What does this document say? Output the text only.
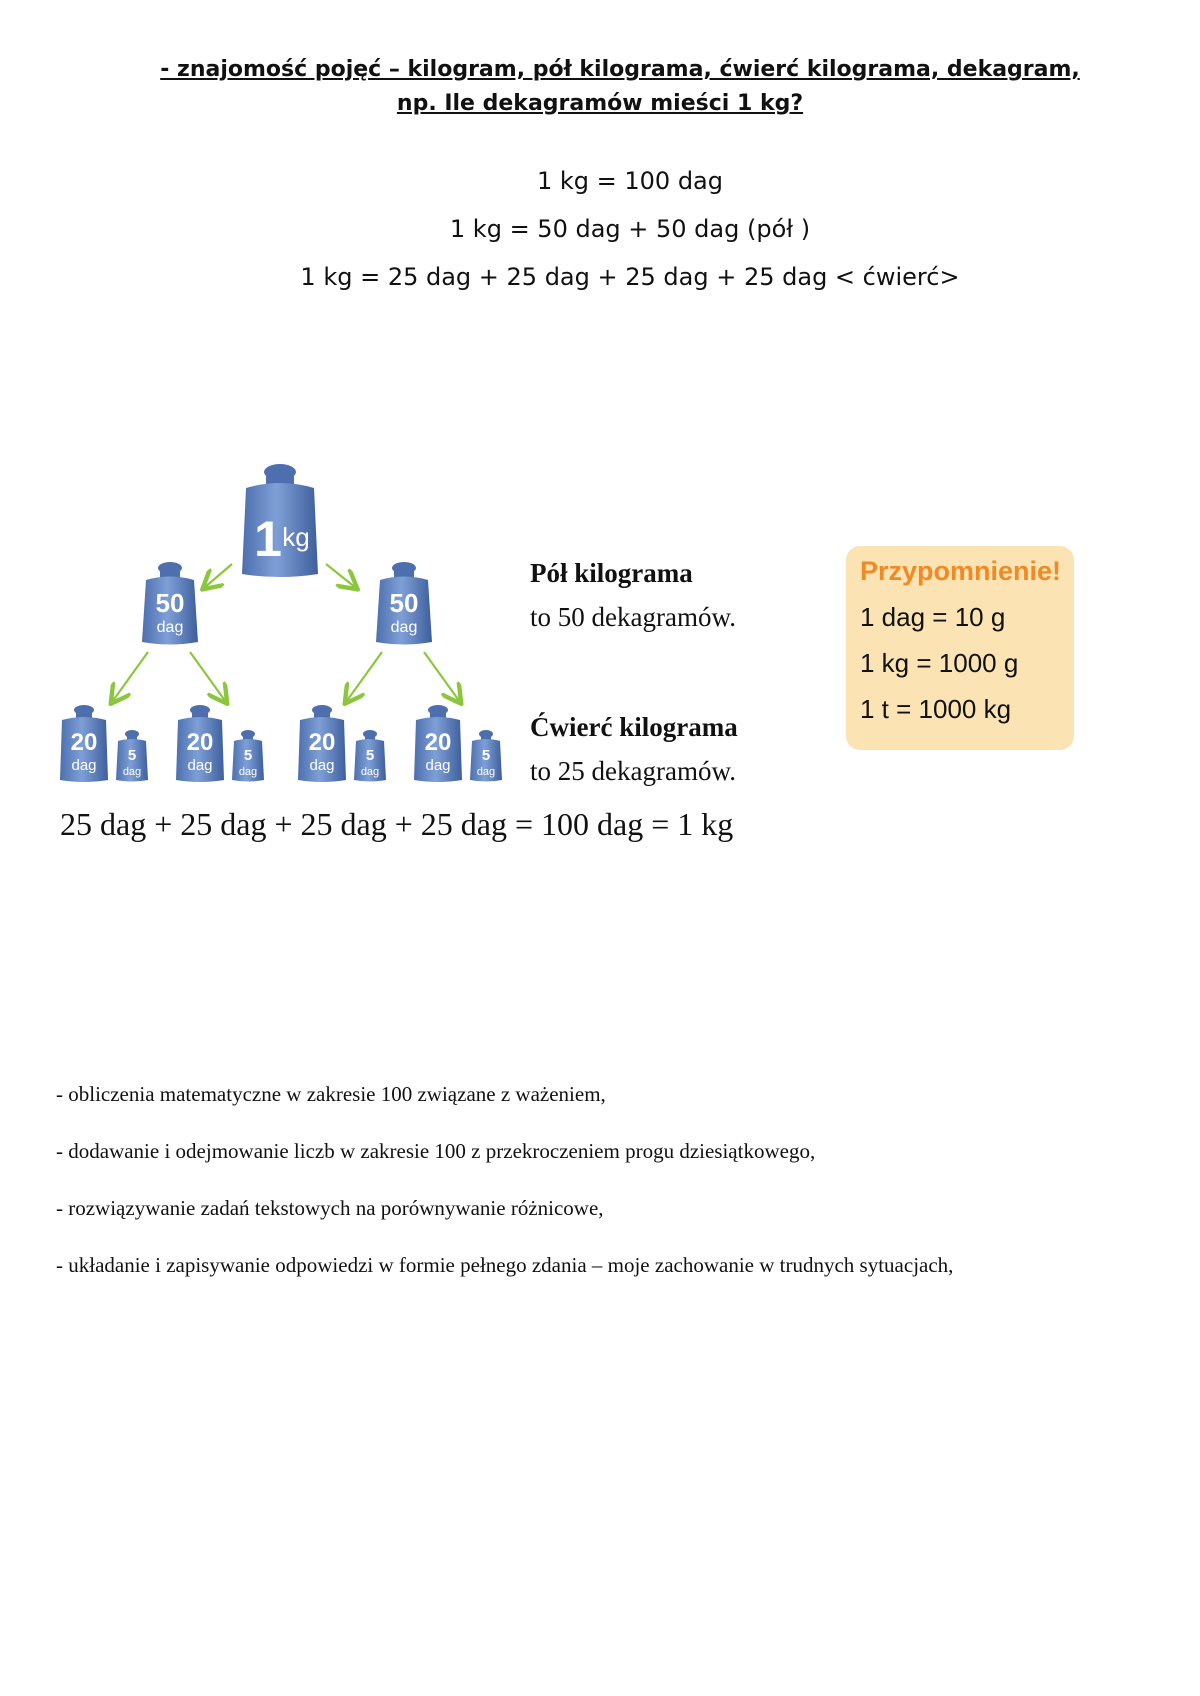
- znajomość pojęć – kilogram, pół kilograma, ćwierć kilograma, dekagram,
np. Ile dekagramów mieści 1 kg?
1 kg = 100 dag
1 kg = 50 dag + 50 dag (pół )
1 kg = 25 dag + 25 dag + 25 dag + 25 dag < ćwierć>
1 kg
50
dag
50
dag
20
dag
5
dag
20
dag
5
dag
20
dag
5
dag
20
dag
5
dag
Pół kilograma
to 50 dekagramów.
Ćwierć kilograma
to 25 dekagramów.
25 dag + 25 dag + 25 dag + 25 dag = 100 dag = 1 kg
Przypomnienie!
1 dag = 10 g
1 kg = 1000 g
1 t = 1000 kg
- obliczenia matematyczne w zakresie 100 związane z ważeniem,
- dodawanie i odejmowanie liczb w zakresie 100 z przekroczeniem progu dziesiątkowego,
- rozwiązywanie zadań tekstowych na porównywanie różnicowe,
- układanie i zapisywanie odpowiedzi w formie pełnego zdania – moje zachowanie w trudnych sytuacjach,
